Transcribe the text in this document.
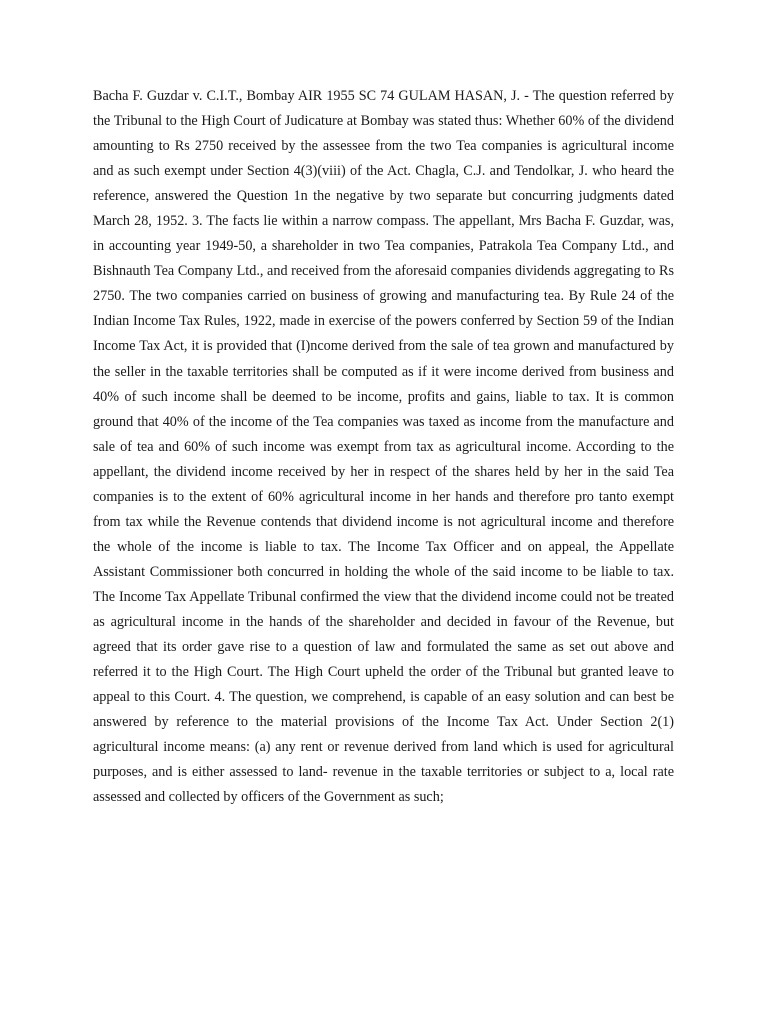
Bacha F. Guzdar v. C.I.T., Bombay AIR 1955 SC 74 GULAM HASAN, J. - The question referred by the Tribunal to the High Court of Judicature at Bombay was stated thus: Whether 60% of the dividend amounting to Rs 2750 received by the assessee from the two Tea companies is agricultural income and as such exempt under Section 4(3)(viii) of the Act. Chagla, C.J. and Tendolkar, J. who heard the reference, answered the Question 1n the negative by two separate but concurring judgments dated March 28, 1952. 3. The facts lie within a narrow compass. The appellant, Mrs Bacha F. Guzdar, was, in accounting year 1949-50, a shareholder in two Tea companies, Patrakola Tea Company Ltd., and Bishnauth Tea Company Ltd., and received from the aforesaid companies dividends aggregating to Rs 2750. The two companies carried on business of growing and manufacturing tea. By Rule 24 of the Indian Income Tax Rules, 1922, made in exercise of the powers conferred by Section 59 of the Indian Income Tax Act, it is provided that (I)ncome derived from the sale of tea grown and manufactured by the seller in the taxable territories shall be computed as if it were income derived from business and 40% of such income shall be deemed to be income, profits and gains, liable to tax. It is common ground that 40% of the income of the Tea companies was taxed as income from the manufacture and sale of tea and 60% of such income was exempt from tax as agricultural income. According to the appellant, the dividend income received by her in respect of the shares held by her in the said Tea companies is to the extent of 60% agricultural income in her hands and therefore pro tanto exempt from tax while the Revenue contends that dividend income is not agricultural income and therefore the whole of the income is liable to tax. The Income Tax Officer and on appeal, the Appellate Assistant Commissioner both concurred in holding the whole of the said income to be liable to tax. The Income Tax Appellate Tribunal confirmed the view that the dividend income could not be treated as agricultural income in the hands of the shareholder and decided in favour of the Revenue, but agreed that its order gave rise to a question of law and formulated the same as set out above and referred it to the High Court. The High Court upheld the order of the Tribunal but granted leave to appeal to this Court. 4. The question, we comprehend, is capable of an easy solution and can best be answered by reference to the material provisions of the Income Tax Act. Under Section 2(1) agricultural income means: (a) any rent or revenue derived from land which is used for agricultural purposes, and is either assessed to land- revenue in the taxable territories or subject to a, local rate assessed and collected by officers of the Government as such;
